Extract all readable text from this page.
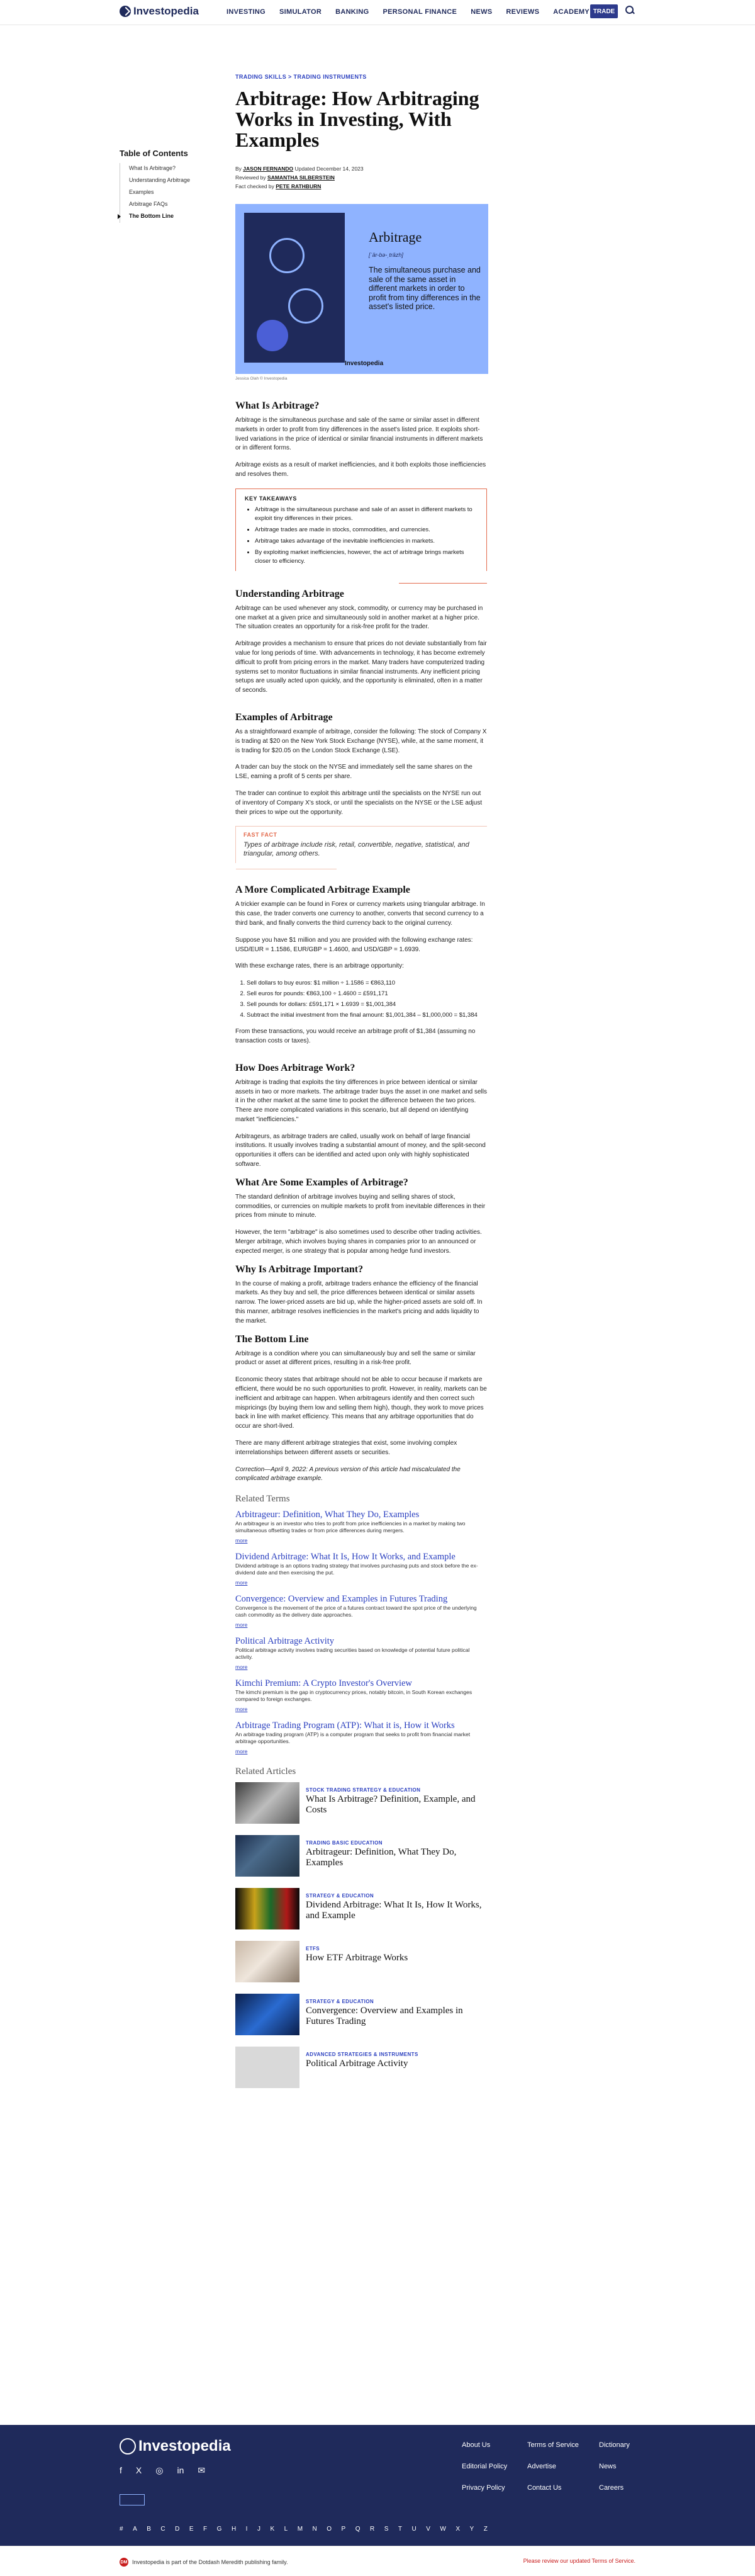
Investopedia	INVESTING SIMULATOR BANKING PERSONAL FINANCE NEWS REVIEWS ACADEMY TRADE
TRADING SKILLS > TRADING INSTRUMENTS
Arbitrage: How Arbitraging Works in Investing, With Examples
By JASON FERNANDO Updated December 14, 2023
Reviewed by SAMANTHA SILBERSTEIN
Fact checked by PETE RATHBURN
Table of Contents
What Is Arbitrage?
Understanding Arbitrage
Examples
Arbitrage FAQs
The Bottom Line
Arbitrage
[ˈär-bə-ˌträzh]
The simultaneous purchase and sale of the same asset in different markets in order to profit from tiny differences in the asset's listed price.
Investopedia
Jessica Olah © Investopedia
What Is Arbitrage?

Arbitrage is the simultaneous purchase and sale of the same or similar asset in different markets in order to profit from tiny differences in the asset's listed price. It exploits short-lived variations in the price of identical or similar financial instruments in different markets or in different forms.

Arbitrage exists as a result of market inefficiencies, and it both exploits those inefficiencies and resolves them.

KEY TAKEAWAYS
• Arbitrage is the simultaneous purchase and sale of an asset in different markets to exploit tiny differences in their prices.
• Arbitrage trades are made in stocks, commodities, and currencies.
• Arbitrage takes advantage of the inevitable inefficiencies in markets.
• By exploiting market inefficiencies, however, the act of arbitrage brings markets closer to efficiency.
Understanding Arbitrage

Arbitrage can be used whenever any stock, commodity, or currency may be purchased in one market at a given price and simultaneously sold in another market at a higher price. The situation creates an opportunity for a risk-free profit for the trader.

Arbitrage provides a mechanism to ensure that prices do not deviate substantially from fair value for long periods of time. With advancements in technology, it has become extremely difficult to profit from pricing errors in the market. Many traders have computerized trading systems set to monitor fluctuations in similar financial instruments. Any inefficient pricing setups are usually acted upon quickly, and the opportunity is eliminated, often in a matter of seconds.

Examples of Arbitrage

As a straightforward example of arbitrage, consider the following: The stock of Company X is trading at $20 on the New York Stock Exchange (NYSE), while, at the same moment, it is trading for $20.05 on the London Stock Exchange (LSE).

A trader can buy the stock on the NYSE and immediately sell the same shares on the LSE, earning a profit of 5 cents per share.

The trader can continue to exploit this arbitrage until the specialists on the NYSE run out of inventory of Company X's stock, or until the specialists on the NYSE or the LSE adjust their prices to wipe out the opportunity.

FAST FACT

Types of arbitrage include risk, retail, convertible, negative, statistical, and triangular, among others.

A More Complicated Arbitrage Example

A trickier example can be found in Forex or currency markets using triangular arbitrage. In this case, the trader converts one currency to another, converts that second currency to a third bank, and finally converts the third currency back to the original currency.

Suppose you have $1 million and you are provided with the following exchange rates: USD/EUR = 1.1586, EUR/GBP = 1.4600, and USD/GBP = 1.6939.

With these exchange rates, there is an arbitrage opportunity:

1. Sell dollars to buy euros: $1 million ÷ 1.1586 = €863,110
2. Sell euros for pounds: €863,100 ÷ 1.4600 = £591,171
3. Sell pounds for dollars: £591,171 × 1.6939 = $1,001,384
4. Subtract the initial investment from the final amount: $1,001,384 – $1,000,000 = $1,384

From these transactions, you would receive an arbitrage profit of $1,384 (assuming no transaction costs or taxes).

How Does Arbitrage Work?

Arbitrage is trading that exploits the tiny differences in price between identical or similar assets in two or more markets. The arbitrage trader buys the asset in one market and sells it in the other market at the same time to pocket the difference between the two prices. There are more complicated variations in this scenario, but all depend on identifying market "inefficiencies."

Arbitrageurs, as arbitrage traders are called, usually work on behalf of large financial institutions. It usually involves trading a substantial amount of money, and the split-second opportunities it offers can be identified and acted upon only with highly sophisticated software.

What Are Some Examples of Arbitrage?

The standard definition of arbitrage involves buying and selling shares of stock, commodities, or currencies on multiple markets to profit from inevitable differences in their prices from minute to minute.

However, the term "arbitrage" is also sometimes used to describe other trading activities. Merger arbitrage, which involves buying shares in companies prior to an announced or expected merger, is one strategy that is popular among hedge fund investors.

Why Is Arbitrage Important?

In the course of making a profit, arbitrage traders enhance the efficiency of the financial markets. As they buy and sell, the price differences between identical or similar assets narrow. The lower-priced assets are bid up, while the higher-priced assets are sold off. In this manner, arbitrage resolves inefficiencies in the market's pricing and adds liquidity to the market.

The Bottom Line

Arbitrage is a condition where you can simultaneously buy and sell the same or similar product or asset at different prices, resulting in a risk-free profit.

Economic theory states that arbitrage should not be able to occur because if markets are efficient, there would be no such opportunities to profit. However, in reality, markets can be inefficient and arbitrage can happen. When arbitrageurs identify and then correct such mispricings (by buying them low and selling them high), though, they work to move prices back in line with market efficiency. This means that any arbitrage opportunities that do occur are short-lived.

There are many different arbitrage strategies that exist, some involving complex interrelationships between different assets or securities.

Correction—April 9, 2022: A previous version of this article had miscalculated the complicated arbitrage example.

Related Terms
Arbitrageur: Definition, What They Do, Examples
An arbitrageur is an investor who tries to profit from price inefficiencies in a market by making two simultaneous offsetting trades or from price differences during mergers.
more
Dividend Arbitrage: What It Is, How It Works, and Example
Dividend arbitrage is an options trading strategy that involves purchasing puts and stock before the ex-dividend date and then exercising the put.
more
Convergence: Overview and Examples in Futures Trading
Convergence is the movement of the price of a futures contract toward the spot price of the underlying cash commodity as the delivery date approaches.
more
Political Arbitrage Activity
Political arbitrage activity involves trading securities based on knowledge of potential future political activity.
more
Kimchi Premium: A Crypto Investor's Overview
The kimchi premium is the gap in cryptocurrency prices, notably bitcoin, in South Korean exchanges compared to foreign exchanges.
more
Arbitrage Trading Program (ATP): What it is, How it Works
An arbitrage trading program (ATP) is a computer program that seeks to profit from financial market arbitrage opportunities.
more
Related Articles
STOCK TRADING STRATEGY & EDUCATION
What Is Arbitrage? Definition, Example, and Costs
TRADING BASIC EDUCATION
Arbitrageur: Definition, What They Do, Examples
STRATEGY & EDUCATION
Dividend Arbitrage: What It Is, How It Works, and Example
ETFS
How ETF Arbitrage Works
STRATEGY & EDUCATION
Convergence: Overview and Examples in Futures Trading
ADVANCED STRATEGIES & INSTRUMENTS
Political Arbitrage Activity
Investopedia
f X ◎ in ✉
About Us	Terms of Service	Dictionary
Editorial Policy	Advertise	News
Privacy Policy	Contact Us	Careers
# A B C D E F G H I J K L M N O P Q R S T U V W X Y Z
DM Investopedia is part of the Dotdash Meredith publishing family.	Please review our updated Terms of Service.
